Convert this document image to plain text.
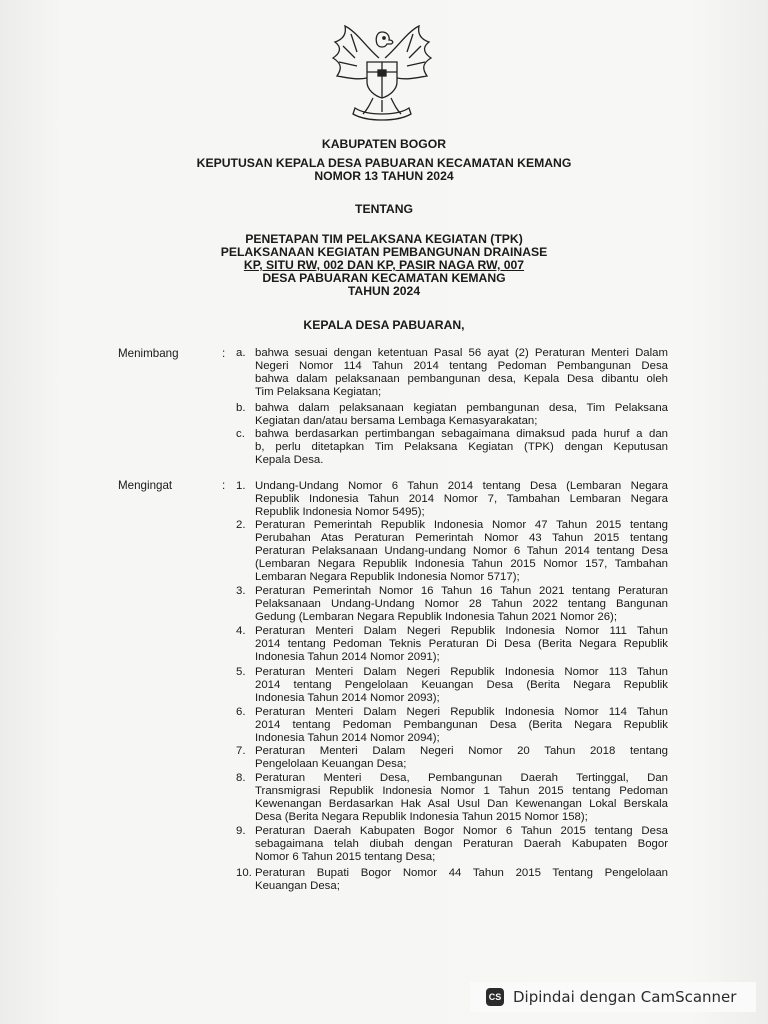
KABUPATEN BOGOR
KEPUTUSAN KEPALA DESA PABUARAN KECAMATAN KEMANG
NOMOR 13 TAHUN 2024
TENTANG
PENETAPAN TIM PELAKSANA KEGIATAN (TPK)
PELAKSANAAN KEGIATAN PEMBANGUNAN DRAINASE
KP, SITU RW, 002 DAN KP, PASIR NAGA RW, 007
DESA PABUARAN KECAMATAN KEMANG
TAHUN 2024
KEPALA DESA PABUARAN,
Menimbang	: a. bahwa sesuai dengan ketentuan Pasal 56 ayat (2) Peraturan Menteri Dalam
Negeri Nomor 114 Tahun 2014 tentang Pedoman Pembangunan Desa
bahwa dalam pelaksanaan pembangunan desa, Kepala Desa dibantu oleh
Tim Pelaksana Kegiatan;
b. bahwa dalam pelaksanaan kegiatan pembangunan desa, Tim Pelaksana
Kegiatan dan/atau bersama Lembaga Kemasyarakatan;
c. bahwa berdasarkan pertimbangan sebagaimana dimaksud pada huruf a dan
b, perlu ditetapkan Tim Pelaksana Kegiatan (TPK) dengan Keputusan
Kepala Desa.
Mengingat	: 1. Undang-Undang Nomor 6 Tahun 2014 tentang Desa (Lembaran Negara
Republik Indonesia Tahun 2014 Nomor 7, Tambahan Lembaran Negara
Republik Indonesia Nomor 5495);
2. Peraturan Pemerintah Republik Indonesia Nomor 47 Tahun 2015 tentang
Perubahan Atas Peraturan Pemerintah Nomor 43 Tahun 2015 tentang
Peraturan Pelaksanaan Undang-undang Nomor 6 Tahun 2014 tentang Desa
(Lembaran Negara Republik Indonesia Tahun 2015 Nomor 157, Tambahan
Lembaran Negara Republik Indonesia Nomor 5717);
3. Peraturan Pemerintah Nomor 16 Tahun 16 Tahun 2021 tentang Peraturan
Pelaksanaan Undang-Undang Nomor 28 Tahun 2022 tentang Bangunan
Gedung (Lembaran Negara Republik Indonesia Tahun 2021 Nomor 26);
4. Peraturan Menteri Dalam Negeri Republik Indonesia Nomor 111 Tahun
2014 tentang Pedoman Teknis Peraturan Di Desa (Berita Negara Republik
Indonesia Tahun 2014 Nomor 2091);
5. Peraturan Menteri Dalam Negeri Republik Indonesia Nomor 113 Tahun
2014 tentang Pengelolaan Keuangan Desa (Berita Negara Republik
Indonesia Tahun 2014 Nomor 2093);
6. Peraturan Menteri Dalam Negeri Republik Indonesia Nomor 114 Tahun
2014 tentang Pedoman Pembangunan Desa (Berita Negara Republik
Indonesia Tahun 2014 Nomor 2094);
7. Peraturan Menteri Dalam Negeri Nomor 20 Tahun 2018 tentang
Pengelolaan Keuangan Desa;
8. Peraturan Menteri Desa, Pembangunan Daerah Tertinggal, Dan
Transmigrasi Republik Indonesia Nomor 1 Tahun 2015 tentang Pedoman
Kewenangan Berdasarkan Hak Asal Usul Dan Kewenangan Lokal Berskala
Desa (Berita Negara Republik Indonesia Tahun 2015 Nomor 158);
9. Peraturan Daerah Kabupaten Bogor Nomor 6 Tahun 2015 tentang Desa
sebagaimana telah diubah dengan Peraturan Daerah Kabupaten Bogor
Nomor 6 Tahun 2015 tentang Desa;
10. Peraturan Bupati Bogor Nomor 44 Tahun 2015 Tentang Pengelolaan
Keuangan Desa;
CS Dipindai dengan CamScanner
